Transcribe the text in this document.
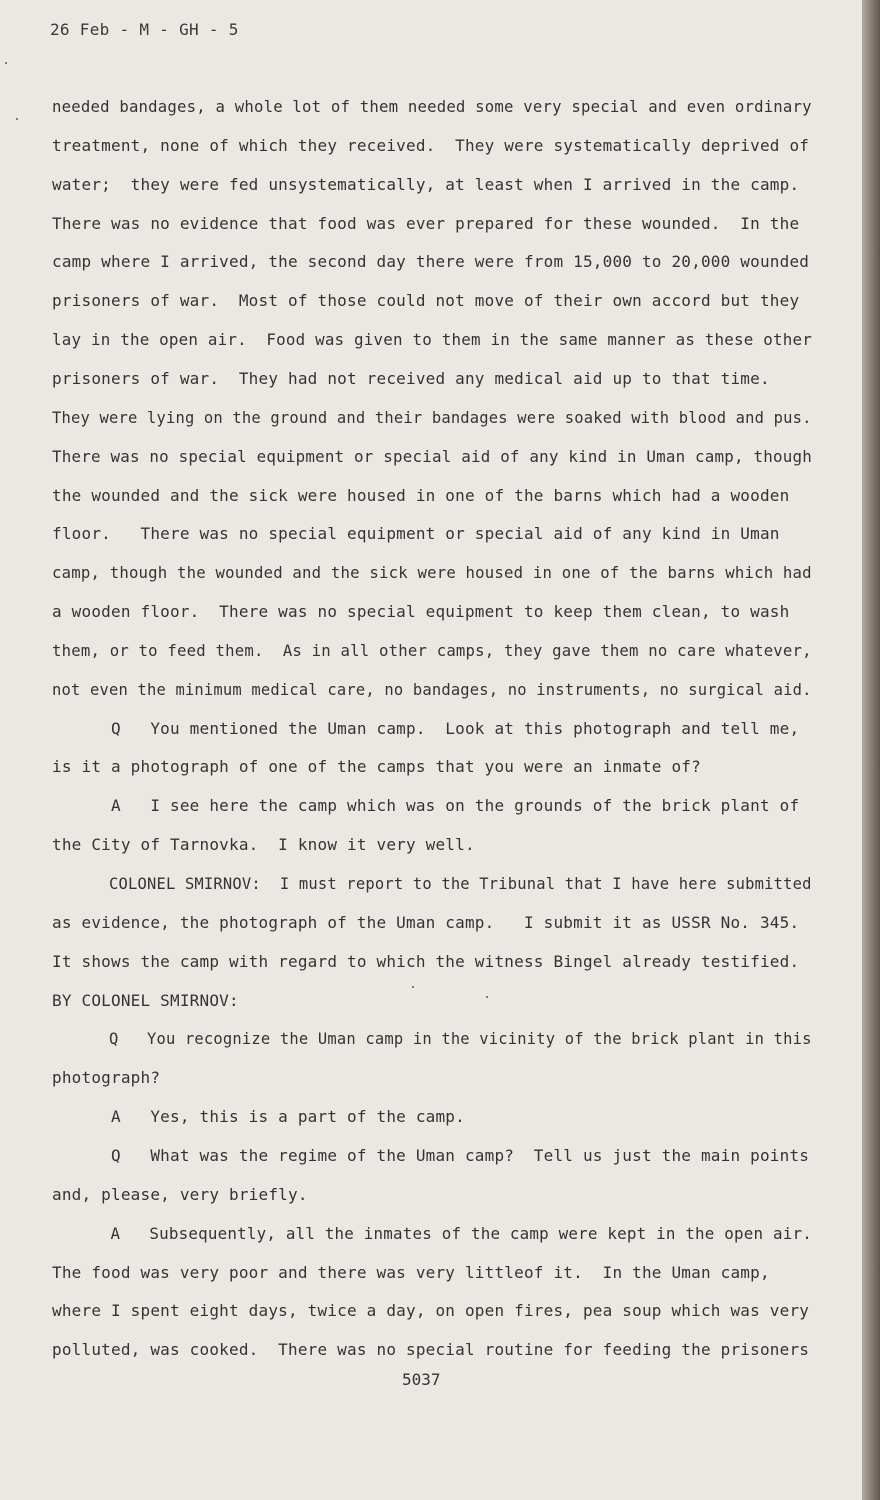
26 Feb - M - GH - 5
needed bandages, a whole lot of them needed some very special and even ordinary
treatment, none of which they received.  They were systematically deprived of
water;  they were fed unsystematically, at least when I arrived in the camp.
There was no evidence that food was ever prepared for these wounded.  In the
camp where I arrived, the second day there were from 15,000 to 20,000 wounded
prisoners of war.  Most of those could not move of their own accord but they
lay in the open air.  Food was given to them in the same manner as these other
prisoners of war.  They had not received any medical aid up to that time.
They were lying on the ground and their bandages were soaked with blood and pus.
There was no special equipment or special aid of any kind in Uman camp, though
the wounded and the sick were housed in one of the barns which had a wooden
floor.   There was no special equipment or special aid of any kind in Uman
camp, though the wounded and the sick were housed in one of the barns which had
a wooden floor.  There was no special equipment to keep them clean, to wash
them, or to feed them.  As in all other camps, they gave them no care whatever,
not even the minimum medical care, no bandages, no instruments, no surgical aid.
Q   You mentioned the Uman camp.  Look at this photograph and tell me,
is it a photograph of one of the camps that you were an inmate of?
A   I see here the camp which was on the grounds of the brick plant of
the City of Tarnovka.  I know it very well.
COLONEL SMIRNOV:  I must report to the Tribunal that I have here submitted
as evidence, the photograph of the Uman camp.   I submit it as USSR No. 345.
It shows the camp with regard to which the witness Bingel already testified.
BY COLONEL SMIRNOV:
Q   You recognize the Uman camp in the vicinity of the brick plant in this
photograph?
A   Yes, this is a part of the camp.
Q   What was the regime of the Uman camp?  Tell us just the main points
and, please, very briefly.
A   Subsequently, all the inmates of the camp were kept in the open air.
The food was very poor and there was very littleof it.  In the Uman camp,
where I spent eight days, twice a day, on open fires, pea soup which was very
polluted, was cooked.  There was no special routine for feeding the prisoners
5037
